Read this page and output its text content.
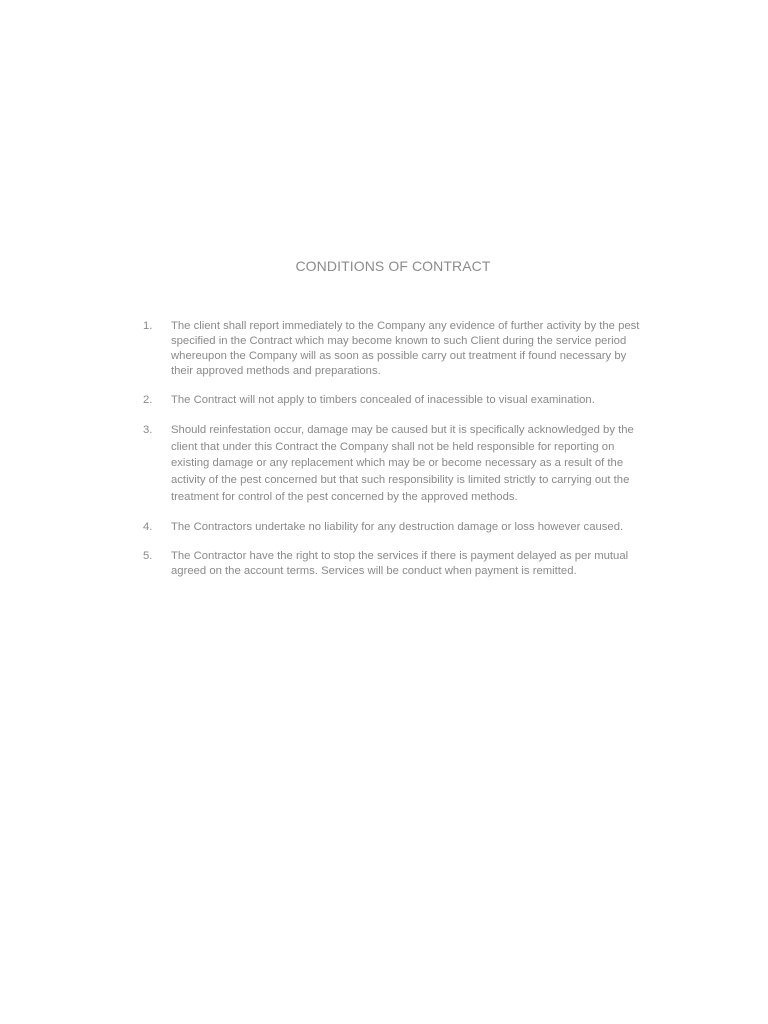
CONDITIONS OF CONTRACT
1.	The client shall report immediately to the Company any evidence of further activity by the pest specified in the Contract which may become known to such Client during the service period whereupon the Company will as soon as possible carry out treatment if found necessary by their approved methods and preparations.
2.	The Contract will not apply to timbers concealed of inacessible to visual examination.
3.	Should reinfestation occur, damage may be caused but it is specifically acknowledged by the client that under this Contract the Company shall not be held responsible for reporting on existing damage or any replacement which may be or become necessary as a result of the activity of the pest concerned but that such responsibility is limited strictly to carrying out the treatment for control of the pest concerned by the approved methods.
4.	The Contractors undertake no liability for any destruction damage or loss however caused.
5.	The Contractor have the right to stop the services if there is payment delayed as per mutual agreed on the account terms. Services will be conduct when payment is remitted.
